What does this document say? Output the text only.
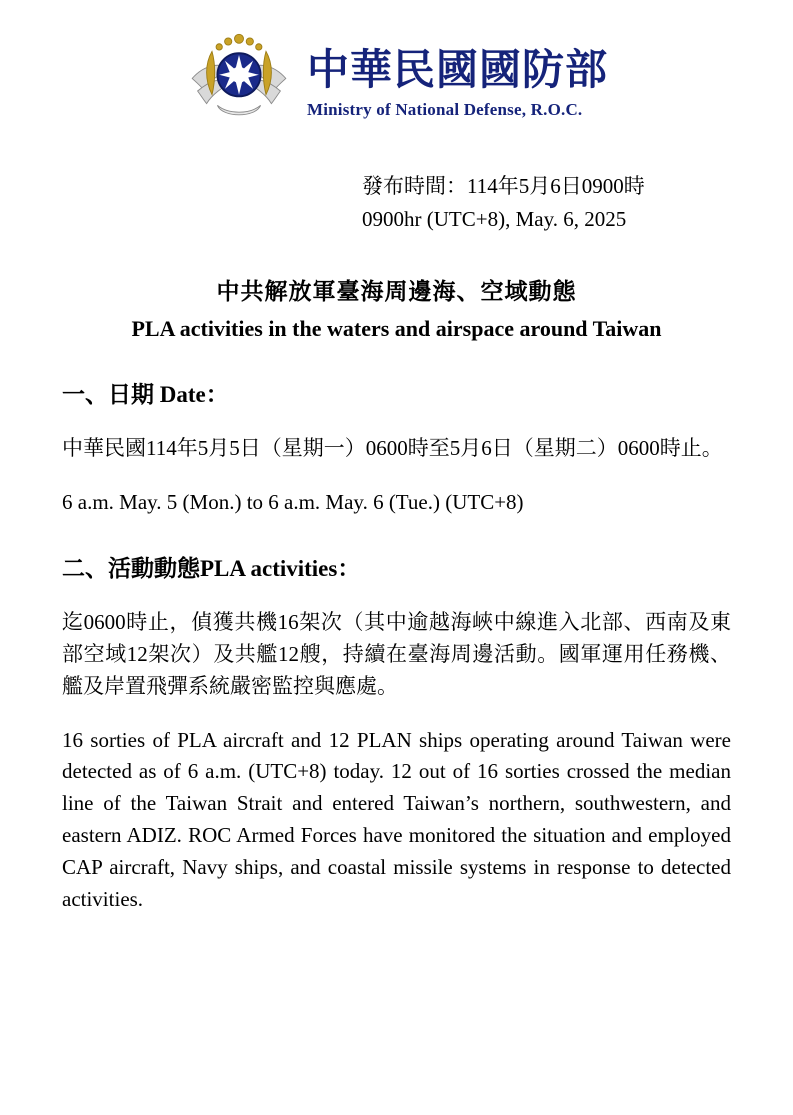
中華民國國防部
Ministry of National Defense, R.O.C.
發布時間：114年5月6日0900時
0900hr (UTC+8), May. 6, 2025
中共解放軍臺海周邊海、空域動態
PLA activities in the waters and airspace around Taiwan
一、日期 Date：
中華民國114年5月5日（星期一）0600時至5月6日（星期二）0600時止。
6 a.m. May. 5 (Mon.) to 6 a.m. May. 6 (Tue.) (UTC+8)
二、活動動態PLA activities：
迄0600時止，偵獲共機16架次（其中逾越海峽中線進入北部、西南及東部空域12架次）及共艦12艘，持續在臺海周邊活動。國軍運用任務機、艦及岸置飛彈系統嚴密監控與應處。
16 sorties of PLA aircraft and 12 PLAN ships operating around Taiwan were detected as of 6 a.m. (UTC+8) today. 12 out of 16 sorties crossed the median line of the Taiwan Strait and entered Taiwan’s northern, southwestern, and eastern ADIZ. ROC Armed Forces have monitored the situation and employed CAP aircraft, Navy ships, and coastal missile systems in response to detected activities.
